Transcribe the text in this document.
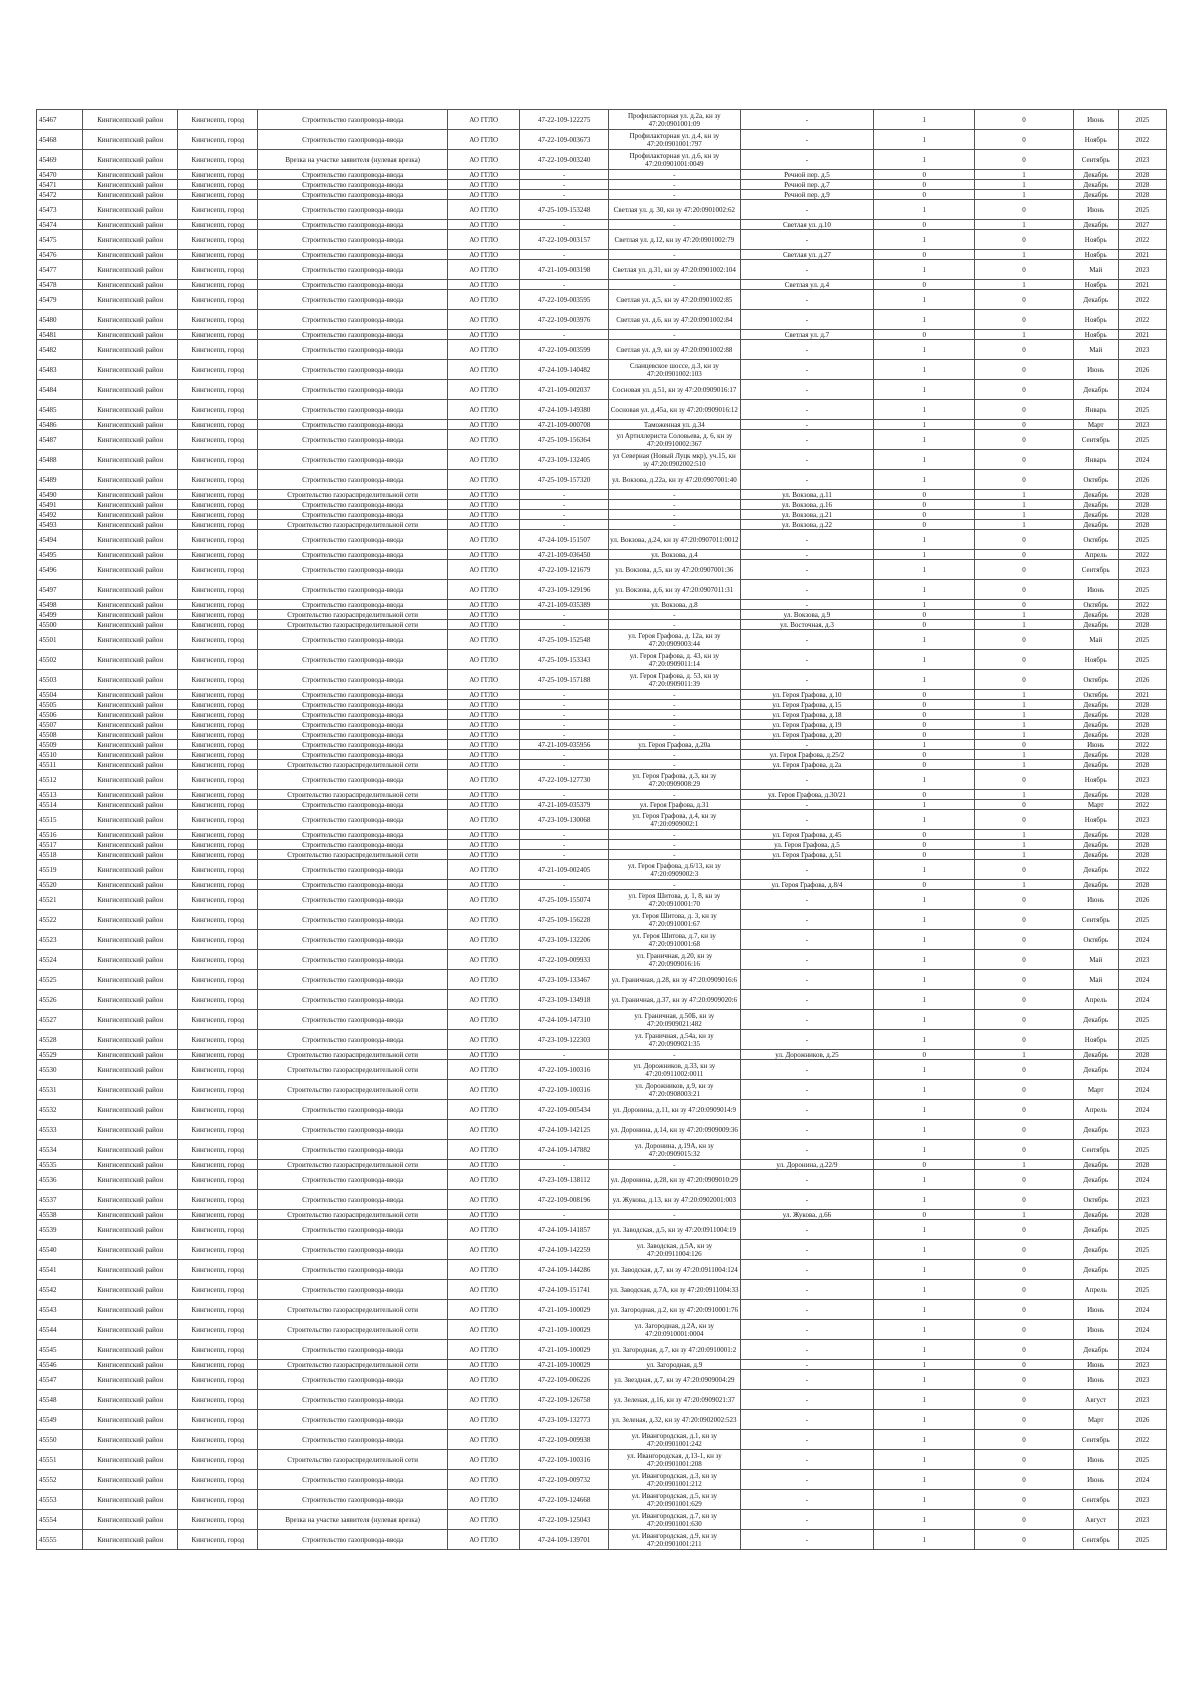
45467	Кингисеппский район	Кингисепп, город	Строительство газопровода-ввода	АО ГГЛО	47-22-109-122275	Профилакторная ул. д.2а, кн зу 47:20:0901001:09	-	1	0	Июнь	2025
45468	Кингисеппский район	Кингисепп, город	Строительство газопровода-ввода	АО ГГЛО	47-22-109-003673	Профилакторная ул. д.4, кн зу 47:20:0901001:797	-	1	0	Ноябрь	2022
45469	Кингисеппский район	Кингисепп, город	Врезка на участке заявителя (нулевая врезка)	АО ГГЛО	47-22-109-003240	Профилакторная ул. д.6, кн зу 47:20:0901001:0049	-	1	0	Сентябрь	2023
45470	Кингисеппский район	Кингисепп, город	Строительство газопровода-ввода	АО ГГЛО	-	-	Речной пер. д.5	0	1	Декабрь	2028
45471	Кингисеппский район	Кингисепп, город	Строительство газопровода-ввода	АО ГГЛО	-	-	Речной пер. д.7	0	1	Декабрь	2028
45472	Кингисеппский район	Кингисепп, город	Строительство газопровода-ввода	АО ГГЛО	-	-	Речной пер. д.9	0	1	Декабрь	2028
45473	Кингисеппский район	Кингисепп, город	Строительство газопровода-ввода	АО ГГЛО	47-25-109-153248	Светлая ул. д. 30, кн зу 47:20:0901002:62	-	1	0	Июнь	2025
45474	Кингисеппский район	Кингисепп, город	Строительство газопровода-ввода	АО ГГЛО	-	-	Светлая ул. д.10	0	1	Декабрь	2027
45475	Кингисеппский район	Кингисепп, город	Строительство газопровода-ввода	АО ГГЛО	47-22-109-003157	Светлая ул. д.12, кн зу 47:20:0901002:79	-	1	0	Ноябрь	2022
45476	Кингисеппский район	Кингисепп, город	Строительство газопровода-ввода	АО ГГЛО	-	-	Светлая ул. д.27	0	1	Ноябрь	2021
45477	Кингисеппский район	Кингисепп, город	Строительство газопровода-ввода	АО ГГЛО	47-21-109-003198	Светлая ул. д.31, кн зу 47:20:0901002:104	-	1	0	Май	2023
45478	Кингисеппский район	Кингисепп, город	Строительство газопровода-ввода	АО ГГЛО	-	-	Светлая ул. д.4	0	1	Ноябрь	2021
45479	Кингисеппский район	Кингисепп, город	Строительство газопровода-ввода	АО ГГЛО	47-22-109-003595	Светлая ул. д.5, кн зу 47:20:0901002:85	-	1	0	Декабрь	2022
45480	Кингисеппский район	Кингисепп, город	Строительство газопровода-ввода	АО ГГЛО	47-22-109-003976	Светлая ул. д.6, кн зу 47:20:0901002:84	-	1	0	Ноябрь	2022
45481	Кингисеппский район	Кингисепп, город	Строительство газопровода-ввода	АО ГГЛО	-	-	Светлая ул. д.7	0	1	Ноябрь	2021
45482	Кингисеппский район	Кингисепп, город	Строительство газопровода-ввода	АО ГГЛО	47-22-109-003599	Светлая ул. д.9, кн зу 47:20:0901002:88	-	1	0	Май	2023
45483	Кингисеппский район	Кингисепп, город	Строительство газопровода-ввода	АО ГГЛО	47-24-109-140482	Сланцевское шоссе, д.3, кн зу 47:20:0901002:103	-	1	0	Июнь	2026
45484	Кингисеппский район	Кингисепп, город	Строительство газопровода-ввода	АО ГГЛО	47-21-109-002037	Сосновая ул. д.51, кн зу 47:20:0909016:17	-	1	0	Декабрь	2024
45485	Кингисеппский район	Кингисепп, город	Строительство газопровода-ввода	АО ГГЛО	47-24-109-149380	Сосновая ул. д.45а, кн зу 47:20:0909016:12	-	1	0	Январь	2025
45486	Кингисеппский район	Кингисепп, город	Строительство газопровода-ввода	АО ГГЛО	47-21-109-000708	Таможенная ул. д.34	-	1	0	Март	2023
45487	Кингисеппский район	Кингисепп, город	Строительство газопровода-ввода	АО ГГЛО	47-25-109-156364	ул Артиллериста Соловьева, д. 6, кн зу 47:20:0910002:367	-	1	0	Сентябрь	2025
45488	Кингисеппский район	Кингисепп, город	Строительство газопровода-ввода	АО ГГЛО	47-23-109-132405	ул Северная (Новый Луцк мкр), уч.15, кн зу 47:20:0902002:510	-	1	0	Январь	2024
45489	Кингисеппский район	Кингисепп, город	Строительство газопровода-ввода	АО ГГЛО	47-25-109-157320	ул. Вокзова, д.22а, кн зу 47:20:0907001:40	-	1	0	Октябрь	2026
45490	Кингисеппский район	Кингисепп, город	Строительство газораспределительной сети	АО ГГЛО	-	-	ул. Вокзова, д.11	0	1	Декабрь	2028
45491	Кингисеппский район	Кингисепп, город	Строительство газопровода-ввода	АО ГГЛО	-	-	ул. Вокзова, д.16	0	1	Декабрь	2028
45492	Кингисеппский район	Кингисепп, город	Строительство газопровода-ввода	АО ГГЛО	-	-	ул. Вокзова, д.21	0	1	Декабрь	2028
45493	Кингисеппский район	Кингисепп, город	Строительство газораспределительной сети	АО ГГЛО	-	-	ул. Вокзова, д.22	0	1	Декабрь	2028
45494	Кингисеппский район	Кингисепп, город	Строительство газопровода-ввода	АО ГГЛО	47-24-109-151507	ул. Вокзова, д.24, кн зу 47:20:0907011:0012	-	1	0	Октябрь	2025
45495	Кингисеппский район	Кингисепп, город	Строительство газопровода-ввода	АО ГГЛО	47-21-109-036450	ул. Вокзова, д.4	-	1	0	Апрель	2022
45496	Кингисеппский район	Кингисепп, город	Строительство газопровода-ввода	АО ГГЛО	47-22-109-121679	ул. Вокзова, д.5, кн зу 47:20:0907001:36	-	1	0	Сентябрь	2023
45497	Кингисеппский район	Кингисепп, город	Строительство газопровода-ввода	АО ГГЛО	47-23-109-129196	ул. Вокзова, д.6, кн зу 47:20:0907011:31	-	1	0	Июнь	2025
45498	Кингисеппский район	Кингисепп, город	Строительство газопровода-ввода	АО ГГЛО	47-21-109-035389	ул. Вокзова, д.8	-	1	0	Октябрь	2022
45499	Кингисеппский район	Кингисепп, город	Строительство газораспределительной сети	АО ГГЛО	-	-	ул. Вокзова, д.9	0	1	Декабрь	2028
45500	Кингисеппский район	Кингисепп, город	Строительство газораспределительной сети	АО ГГЛО	-	-	ул. Восточная, д.3	0	1	Декабрь	2028
45501	Кингисеппский район	Кингисепп, город	Строительство газопровода-ввода	АО ГГЛО	47-25-109-152548	ул. Героя Графова, д. 12а, кн зу 47:20:0909003:44	-	1	0	Май	2025
45502	Кингисеппский район	Кингисепп, город	Строительство газопровода-ввода	АО ГГЛО	47-25-109-153343	ул. Героя Графова, д. 43, кн зу 47:20:0909011:14	-	1	0	Ноябрь	2025
45503	Кингисеппский район	Кингисепп, город	Строительство газопровода-ввода	АО ГГЛО	47-25-109-157188	ул. Героя Графова, д. 53, кн зу 47:20:0909011:39	-	1	0	Октябрь	2026
45504	Кингисеппский район	Кингисепп, город	Строительство газопровода-ввода	АО ГГЛО	-	-	ул. Героя Графова, д.10	0	1	Октябрь	2021
45505	Кингисеппский район	Кингисепп, город	Строительство газопровода-ввода	АО ГГЛО	-	-	ул. Героя Графова, д.15	0	1	Декабрь	2028
45506	Кингисеппский район	Кингисепп, город	Строительство газопровода-ввода	АО ГГЛО	-	-	ул. Героя Графова, д.18	0	1	Декабрь	2028
45507	Кингисеппский район	Кингисепп, город	Строительство газопровода-ввода	АО ГГЛО	-	-	ул. Героя Графова, д.19	0	1	Декабрь	2028
45508	Кингисеппский район	Кингисепп, город	Строительство газопровода-ввода	АО ГГЛО	-	-	ул. Героя Графова, д.20	0	1	Декабрь	2028
45509	Кингисеппский район	Кингисепп, город	Строительство газопровода-ввода	АО ГГЛО	47-21-109-035956	ул. Героя Графова, д.20а	-	1	0	Июнь	2022
45510	Кингисеппский район	Кингисепп, город	Строительство газопровода-ввода	АО ГГЛО	-	-	ул. Героя Графова, д.25/2	0	1	Декабрь	2028
45511	Кингисеппский район	Кингисепп, город	Строительство газораспределительной сети	АО ГГЛО	-	-	ул. Героя Графова, д.2а	0	1	Декабрь	2028
45512	Кингисеппский район	Кингисепп, город	Строительство газопровода-ввода	АО ГГЛО	47-22-109-127730	ул. Героя Графова, д.3, кн зу 47:20:0909008:29	-	1	0	Ноябрь	2023
45513	Кингисеппский район	Кингисепп, город	Строительство газораспределительной сети	АО ГГЛО	-	-	ул. Героя Графова, д.30/21	0	1	Декабрь	2028
45514	Кингисеппский район	Кингисепп, город	Строительство газопровода-ввода	АО ГГЛО	47-21-109-035379	ул. Героя Графова, д.31	-	1	0	Март	2022
45515	Кингисеппский район	Кингисепп, город	Строительство газопровода-ввода	АО ГГЛО	47-23-109-130068	ул. Героя Графова, д.4, кн зу 47:20:0909002:1	-	1	0	Ноябрь	2023
45516	Кингисеппский район	Кингисепп, город	Строительство газопровода-ввода	АО ГГЛО	-	-	ул. Героя Графова, д.45	0	1	Декабрь	2028
45517	Кингисеппский район	Кингисепп, город	Строительство газопровода-ввода	АО ГГЛО	-	-	ул. Героя Графова, д.5	0	1	Декабрь	2028
45518	Кингисеппский район	Кингисепп, город	Строительство газораспределительной сети	АО ГГЛО	-	-	ул. Героя Графова, д.51	0	1	Декабрь	2028
45519	Кингисеппский район	Кингисепп, город	Строительство газопровода-ввода	АО ГГЛО	47-21-109-002405	ул. Героя Графова, д.6/13, кн зу 47:20:0909002:3	-	1	0	Декабрь	2022
45520	Кингисеппский район	Кингисепп, город	Строительство газопровода-ввода	АО ГГЛО	-	-	ул. Героя Графова, д.8/4	0	1	Декабрь	2028
45521	Кингисеппский район	Кингисепп, город	Строительство газопровода-ввода	АО ГГЛО	47-25-109-155074	ул. Героя Шитова, д. 1, 8, кн зу 47:20:0910001:70	-	1	0	Июнь	2026
45522	Кингисеппский район	Кингисепп, город	Строительство газопровода-ввода	АО ГГЛО	47-25-109-156228	ул. Героя Шитова, д. 3, кн зу 47:20:0910001:67	-	1	0	Сентябрь	2025
45523	Кингисеппский район	Кингисепп, город	Строительство газопровода-ввода	АО ГГЛО	47-23-109-132206	ул. Героя Шитова, д.7, кн зу 47:20:0910001:68	-	1	0	Октябрь	2024
45524	Кингисеппский район	Кингисепп, город	Строительство газопровода-ввода	АО ГГЛО	47-22-109-009933	ул. Граничная, д.20, кн зу 47:20:0909016:16	-	1	0	Май	2023
45525	Кингисеппский район	Кингисепп, город	Строительство газопровода-ввода	АО ГГЛО	47-23-109-133467	ул. Граничная, д.28, кн зу 47:20:0909016:6	-	1	0	Май	2024
45526	Кингисеппский район	Кингисепп, город	Строительство газопровода-ввода	АО ГГЛО	47-23-109-134918	ул. Граничная, д.37, кн зу 47:20:0909020:6	-	1	0	Апрель	2024
45527	Кингисеппский район	Кингисепп, город	Строительство газопровода-ввода	АО ГГЛО	47-24-109-147310	ул. Граничная, д.50Б, кн зу 47:20:0909021:482	-	1	0	Декабрь	2025
45528	Кингисеппский район	Кингисепп, город	Строительство газопровода-ввода	АО ГГЛО	47-23-109-122303	ул. Граничная, д.54а, кн зу 47:20:0909021:35	-	1	0	Ноябрь	2025
45529	Кингисеппский район	Кингисепп, город	Строительство газораспределительной сети	АО ГГЛО	-	-	ул. Дорожников, д.25	0	1	Декабрь	2028
45530	Кингисеппский район	Кингисепп, город	Строительство газораспределительной сети	АО ГГЛО	47-22-109-100316	ул. Дорожников, д.33, кн зу 47:20:0911002:0011	-	1	0	Декабрь	2024
45531	Кингисеппский район	Кингисепп, город	Строительство газораспределительной сети	АО ГГЛО	47-22-109-100316	ул. Дорожников, д.9, кн зу 47:20:0908003:21	-	1	0	Март	2024
45532	Кингисеппский район	Кингисепп, город	Строительство газопровода-ввода	АО ГГЛО	47-22-109-005434	ул. Доронина, д.11, кн зу 47:20:0909014:9	-	1	0	Апрель	2024
45533	Кингисеппский район	Кингисепп, город	Строительство газопровода-ввода	АО ГГЛО	47-24-109-142125	ул. Доронина, д.14, кн зу 47:20:0909009:36	-	1	0	Декабрь	2023
45534	Кингисеппский район	Кингисепп, город	Строительство газопровода-ввода	АО ГГЛО	47-24-109-147882	ул. Доронина, д.19А, кн зу 47:20:0909015:32	-	1	0	Сентябрь	2025
45535	Кингисеппский район	Кингисепп, город	Строительство газораспределительной сети	АО ГГЛО	-	-	ул. Доронина, д.22/9	0	1	Декабрь	2028
45536	Кингисеппский район	Кингисепп, город	Строительство газопровода-ввода	АО ГГЛО	47-23-109-138112	ул. Доронина, д.28, кн зу 47:20:0909010:29	-	1	0	Декабрь	2024
45537	Кингисеппский район	Кингисепп, город	Строительство газопровода-ввода	АО ГГЛО	47-22-109-008196	ул. Жукова, д.13, кн зу 47:20:0902001:003	-	1	0	Октябрь	2023
45538	Кингисеппский район	Кингисепп, город	Строительство газораспределительной сети	АО ГГЛО	-	-	ул. Жукова, д.66	0	1	Декабрь	2028
45539	Кингисеппский район	Кингисепп, город	Строительство газопровода-ввода	АО ГГЛО	47-24-109-141857	ул. Заводская, д.5, кн зу 47:20:0911004:19	-	1	0	Декабрь	2025
45540	Кингисеппский район	Кингисепп, город	Строительство газопровода-ввода	АО ГГЛО	47-24-109-142259	ул. Заводская, д.5А, кн зу 47:20:0911004:126	-	1	0	Декабрь	2025
45541	Кингисеппский район	Кингисепп, город	Строительство газопровода-ввода	АО ГГЛО	47-24-109-144286	ул. Заводская, д.7, кн зу 47:20:0911004:124	-	1	0	Декабрь	2025
45542	Кингисеппский район	Кингисепп, город	Строительство газопровода-ввода	АО ГГЛО	47-24-109-151741	ул. Заводская, д.7А, кн зу 47:20:0911004:33	-	1	0	Апрель	2025
45543	Кингисеппский район	Кингисепп, город	Строительство газораспределительной сети	АО ГГЛО	47-21-109-100029	ул. Загородная, д.2, кн зу 47:20:0910001:76	-	1	0	Июнь	2024
45544	Кингисеппский район	Кингисепп, город	Строительство газораспределительной сети	АО ГГЛО	47-21-109-100029	ул. Загородная, д.2А, кн зу 47:20:0910001:0004	-	1	0	Июнь	2024
45545	Кингисеппский район	Кингисепп, город	Строительство газопровода-ввода	АО ГГЛО	47-21-109-100029	ул. Загородная, д.7, кн зу 47:20:0910001:2	-	1	0	Декабрь	2024
45546	Кингисеппский район	Кингисепп, город	Строительство газораспределительной сети	АО ГГЛО	47-21-109-100029	ул. Загородная, д.9	-	1	0	Июнь	2023
45547	Кингисеппский район	Кингисепп, город	Строительство газопровода-ввода	АО ГГЛО	47-22-109-006226	ул. Звездная, д.7, кн зу 47:20:0909004:29	-	1	0	Июнь	2023
45548	Кингисеппский район	Кингисепп, город	Строительство газопровода-ввода	АО ГГЛО	47-22-109-126758	ул. Зеленая, д.16, кн зу 47:20:0909021:37	-	1	0	Август	2023
45549	Кингисеппский район	Кингисепп, город	Строительство газопровода-ввода	АО ГГЛО	47-23-109-132773	ул. Зеленая, д.32, кн зу 47:20:0902002:523	-	1	0	Март	2026
45550	Кингисеппский район	Кингисепп, город	Строительство газопровода-ввода	АО ГГЛО	47-22-109-009938	ул. Ивангородская, д.1, кн зу 47:20:0901001:242	-	1	0	Сентябрь	2022
45551	Кингисеппский район	Кингисепп, город	Строительство газораспределительной сети	АО ГГЛО	47-22-109-100316	ул. Ивангородская, д.13-1, кн зу 47:20:0901001:208	-	1	0	Июнь	2025
45552	Кингисеппский район	Кингисепп, город	Строительство газопровода-ввода	АО ГГЛО	47-22-109-009732	ул. Ивангородская, д.3, кн зу 47:20:0901001:212	-	1	0	Июнь	2024
45553	Кингисеппский район	Кингисепп, город	Строительство газопровода-ввода	АО ГГЛО	47-22-109-124668	ул. Ивангородская, д.5, кн зу 47:20:0901001:629	-	1	0	Сентябрь	2023
45554	Кингисеппский район	Кингисепп, город	Врезка на участке заявителя (нулевая врезка)	АО ГГЛО	47-22-109-125043	ул. Ивангородская, д.7, кн зу 47:20:0901001:630	-	1	0	Август	2023
45555	Кингисеппский район	Кингисепп, город	Строительство газопровода-ввода	АО ГГЛО	47-24-109-139701	ул. Ивангородская, д.9, кн зу 47:20:0901001:211	-	1	0	Сентябрь	2025
